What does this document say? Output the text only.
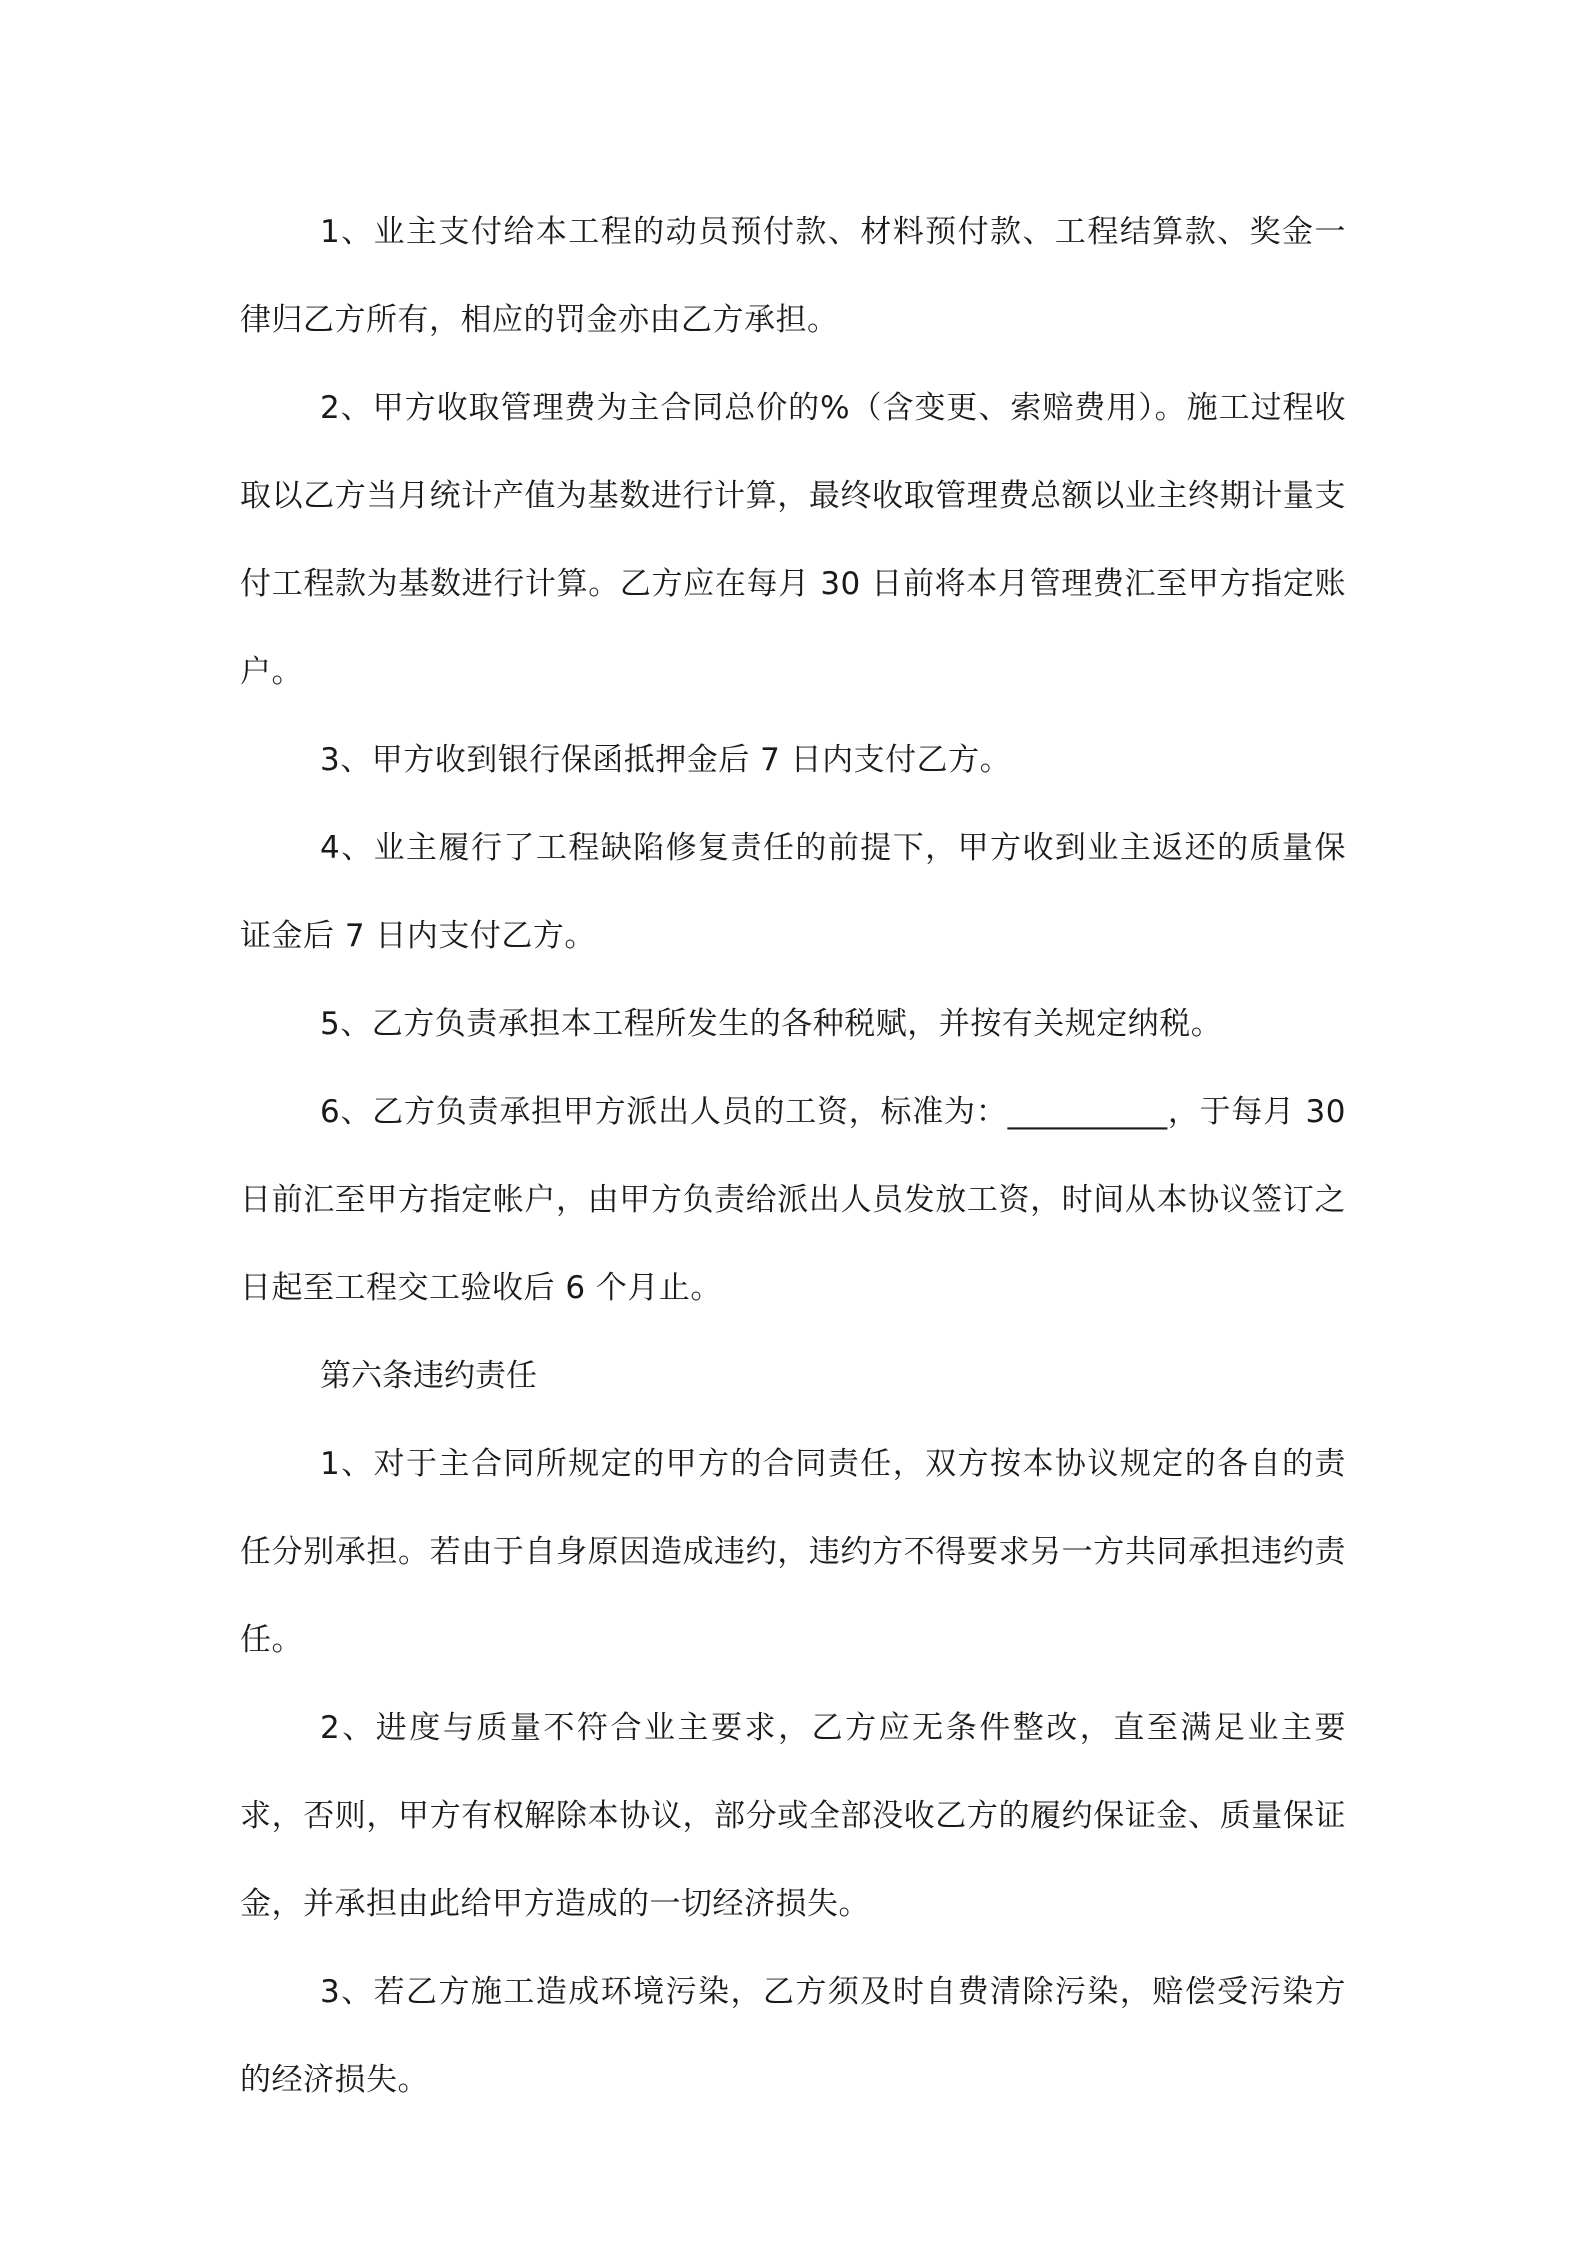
1、业主支付给本工程的动员预付款、材料预付款、工程结算款、奖金一律归乙方所有，相应的罚金亦由乙方承担。

2、甲方收取管理费为主合同总价的%（含变更、索赔费用）。施工过程收取以乙方当月统计产值为基数进行计算，最终收取管理费总额以业主终期计量支付工程款为基数进行计算。乙方应在每月 30 日前将本月管理费汇至甲方指定账户。

3、甲方收到银行保函抵押金后 7 日内支付乙方。

4、业主履行了工程缺陷修复责任的前提下，甲方收到业主返还的质量保证金后 7 日内支付乙方。

5、乙方负责承担本工程所发生的各种税赋，并按有关规定纳税。

6、乙方负责承担甲方派出人员的工资，标准为：__________，于每月 30 日前汇至甲方指定帐户，由甲方负责给派出人员发放工资，时间从本协议签订之日起至工程交工验收后 6 个月止。

第六条违约责任

1、对于主合同所规定的甲方的合同责任，双方按本协议规定的各自的责任分别承担。若由于自身原因造成违约，违约方不得要求另一方共同承担违约责任。

2、进度与质量不符合业主要求，乙方应无条件整改，直至满足业主要求，否则，甲方有权解除本协议，部分或全部没收乙方的履约保证金、质量保证金，并承担由此给甲方造成的一切经济损失。

3、若乙方施工造成环境污染，乙方须及时自费清除污染，赔偿受污染方的经济损失。
